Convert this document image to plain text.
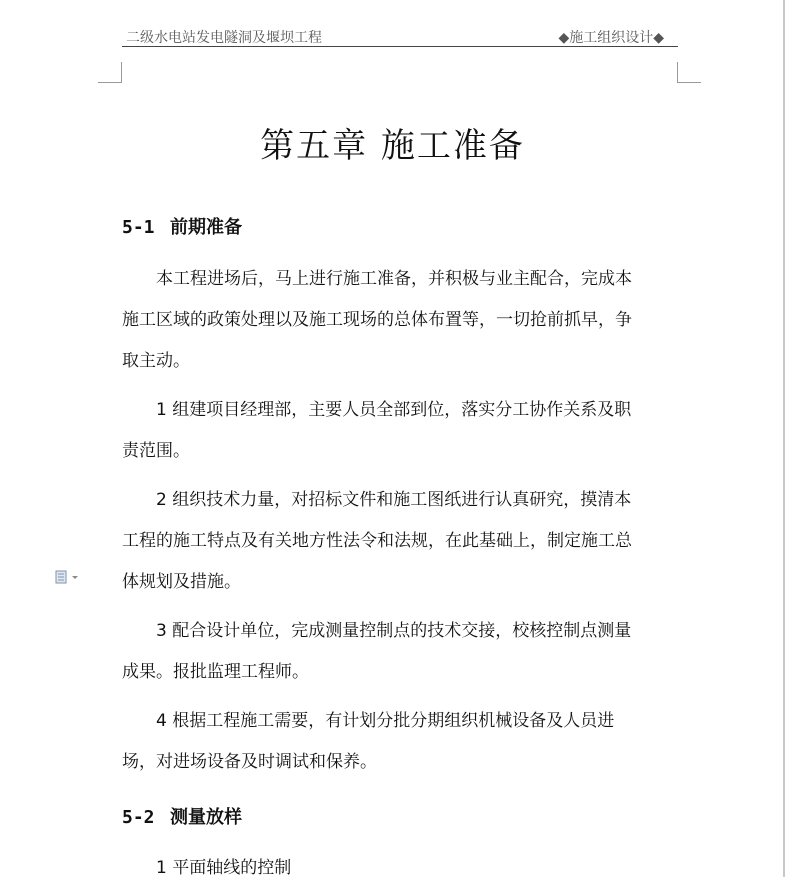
二级水电站发电隧洞及堰坝工程	◆施工组织设计◆
第五章 施工准备
5-1 前期准备
本工程进场后，马上进行施工准备，并积极与业主配合，完成本
施工区域的政策处理以及施工现场的总体布置等，一切抢前抓早，争
取主动。
1 组建项目经理部，主要人员全部到位，落实分工协作关系及职
责范围。
2 组织技术力量，对招标文件和施工图纸进行认真研究，摸清本
工程的施工特点及有关地方性法令和法规，在此基础上，制定施工总
体规划及措施。
3 配合设计单位，完成测量控制点的技术交接，校核控制点测量
成果。报批监理工程师。
4 根据工程施工需要，有计划分批分期组织机械设备及人员进
场，对进场设备及时调试和保养。
5-2 测量放样
1 平面轴线的控制
